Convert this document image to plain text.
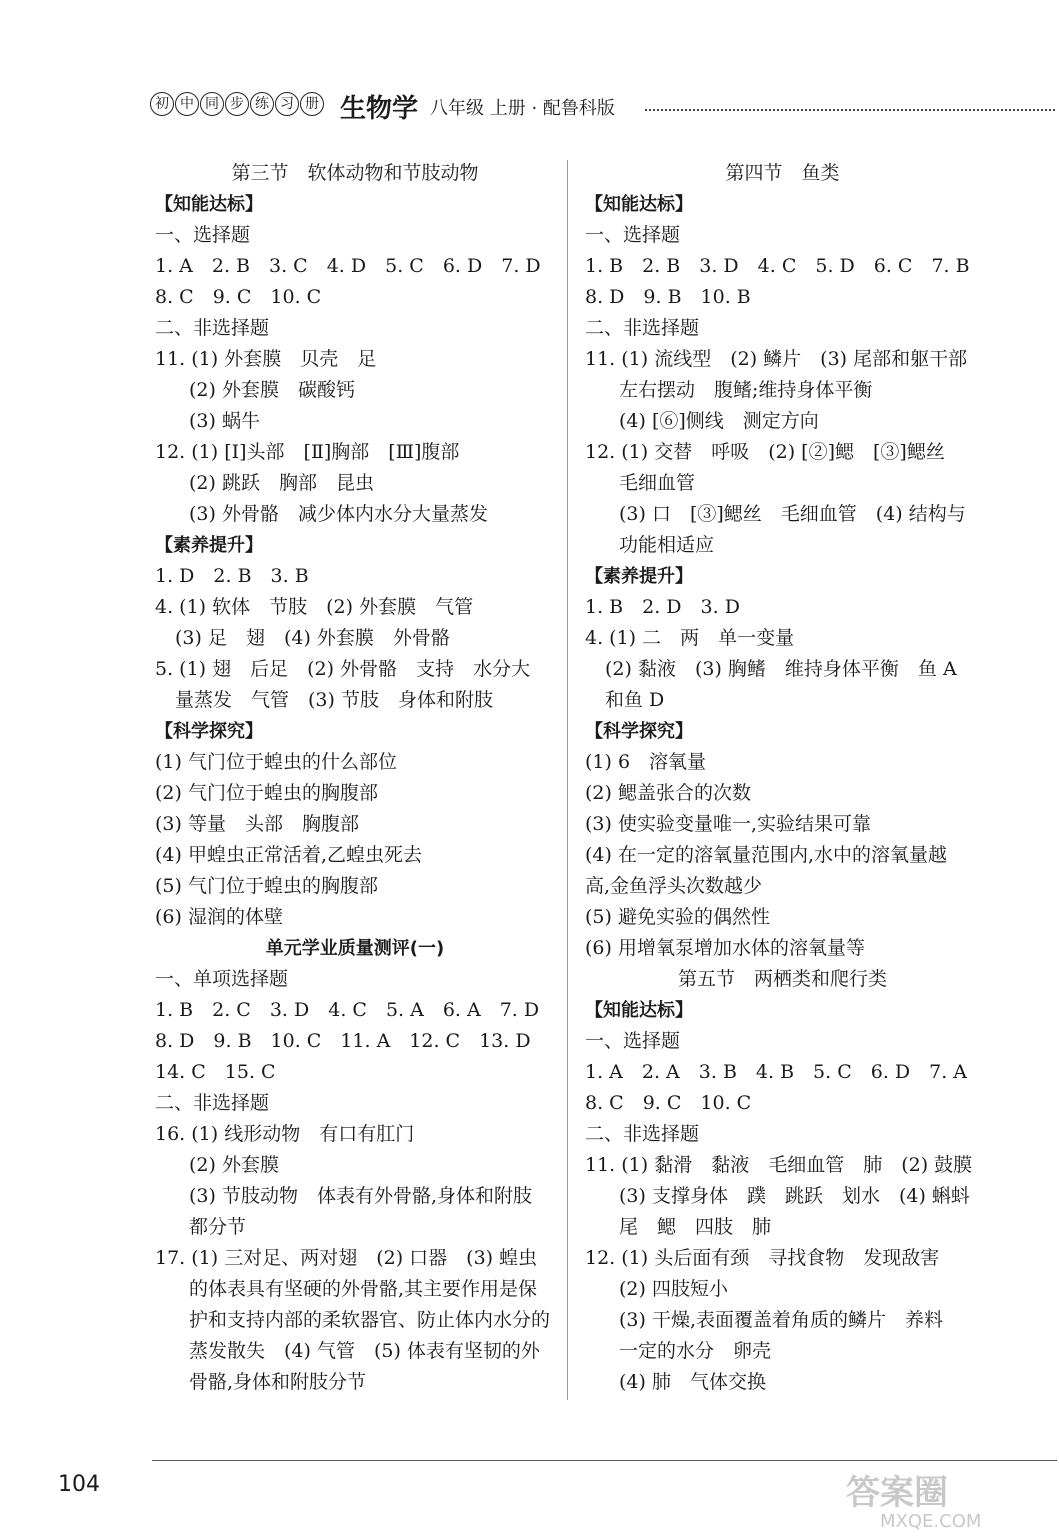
初 中 同 步 练 习 册 生物学 八年级 上册 · 配鲁科版
第三节　软体动物和节肢动物
【知能达标】
一、选择题
1. A　2. B　3. C　4. D　5. C　6. D　7. D
8. C　9. C　10. C
二、非选择题
11. (1) 外套膜　贝壳　足
(2) 外套膜　碳酸钙
(3) 蜗牛
12. (1) [Ⅰ]头部　[Ⅱ]胸部　[Ⅲ]腹部
(2) 跳跃　胸部　昆虫
(3) 外骨骼　减少体内水分大量蒸发
【素养提升】
1. D　2. B　3. B
4. (1) 软体　节肢　(2) 外套膜　气管
(3) 足　翅　(4) 外套膜　外骨骼
5. (1) 翅　后足　(2) 外骨骼　支持　水分大
量蒸发　气管　(3) 节肢　身体和附肢
【科学探究】
(1) 气门位于蝗虫的什么部位
(2) 气门位于蝗虫的胸腹部
(3) 等量　头部　胸腹部
(4) 甲蝗虫正常活着,乙蝗虫死去
(5) 气门位于蝗虫的胸腹部
(6) 湿润的体壁
单元学业质量测评(一)
一、单项选择题
1. B　2. C　3. D　4. C　5. A　6. A　7. D
8. D　9. B　10. C　11. A　12. C　13. D
14. C　15. C
二、非选择题
16. (1) 线形动物　有口有肛门
(2) 外套膜
(3) 节肢动物　体表有外骨骼,身体和附肢
都分节
17. (1) 三对足、两对翅　(2) 口器　(3) 蝗虫
的体表具有坚硬的外骨骼,其主要作用是保
护和支持内部的柔软器官、防止体内水分的
蒸发散失　(4) 气管　(5) 体表有坚韧的外
骨骼,身体和附肢分节
第四节　鱼类
【知能达标】
一、选择题
1. B　2. B　3. D　4. C　5. D　6. C　7. B
8. D　9. B　10. B
二、非选择题
11. (1) 流线型　(2) 鳞片　(3) 尾部和躯干部
左右摆动　腹鳍;维持身体平衡
(4) [⑥]侧线　测定方向
12. (1) 交替　呼吸　(2) [②]鳃　[③]鳃丝
毛细血管
(3) 口　[③]鳃丝　毛细血管　(4) 结构与
功能相适应
【素养提升】
1. B　2. D　3. D
4. (1) 二　两　单一变量
(2) 黏液　(3) 胸鳍　维持身体平衡　鱼 A
和鱼 D
【科学探究】
(1) 6　溶氧量
(2) 鳃盖张合的次数
(3) 使实验变量唯一,实验结果可靠
(4) 在一定的溶氧量范围内,水中的溶氧量越
高,金鱼浮头次数越少
(5) 避免实验的偶然性
(6) 用增氧泵增加水体的溶氧量等
第五节　两栖类和爬行类
【知能达标】
一、选择题
1. A　2. A　3. B　4. B　5. C　6. D　7. A
8. C　9. C　10. C
二、非选择题
11. (1) 黏滑　黏液　毛细血管　肺　(2) 鼓膜
(3) 支撑身体　蹼　跳跃　划水　(4) 蝌蚪
尾　鳃　四肢　肺
12. (1) 头后面有颈　寻找食物　发现敌害
(2) 四肢短小
(3) 干燥,表面覆盖着角质的鳞片　养料
一定的水分　卵壳
(4) 肺　气体交换
104	答案圈
MXQE.COM
